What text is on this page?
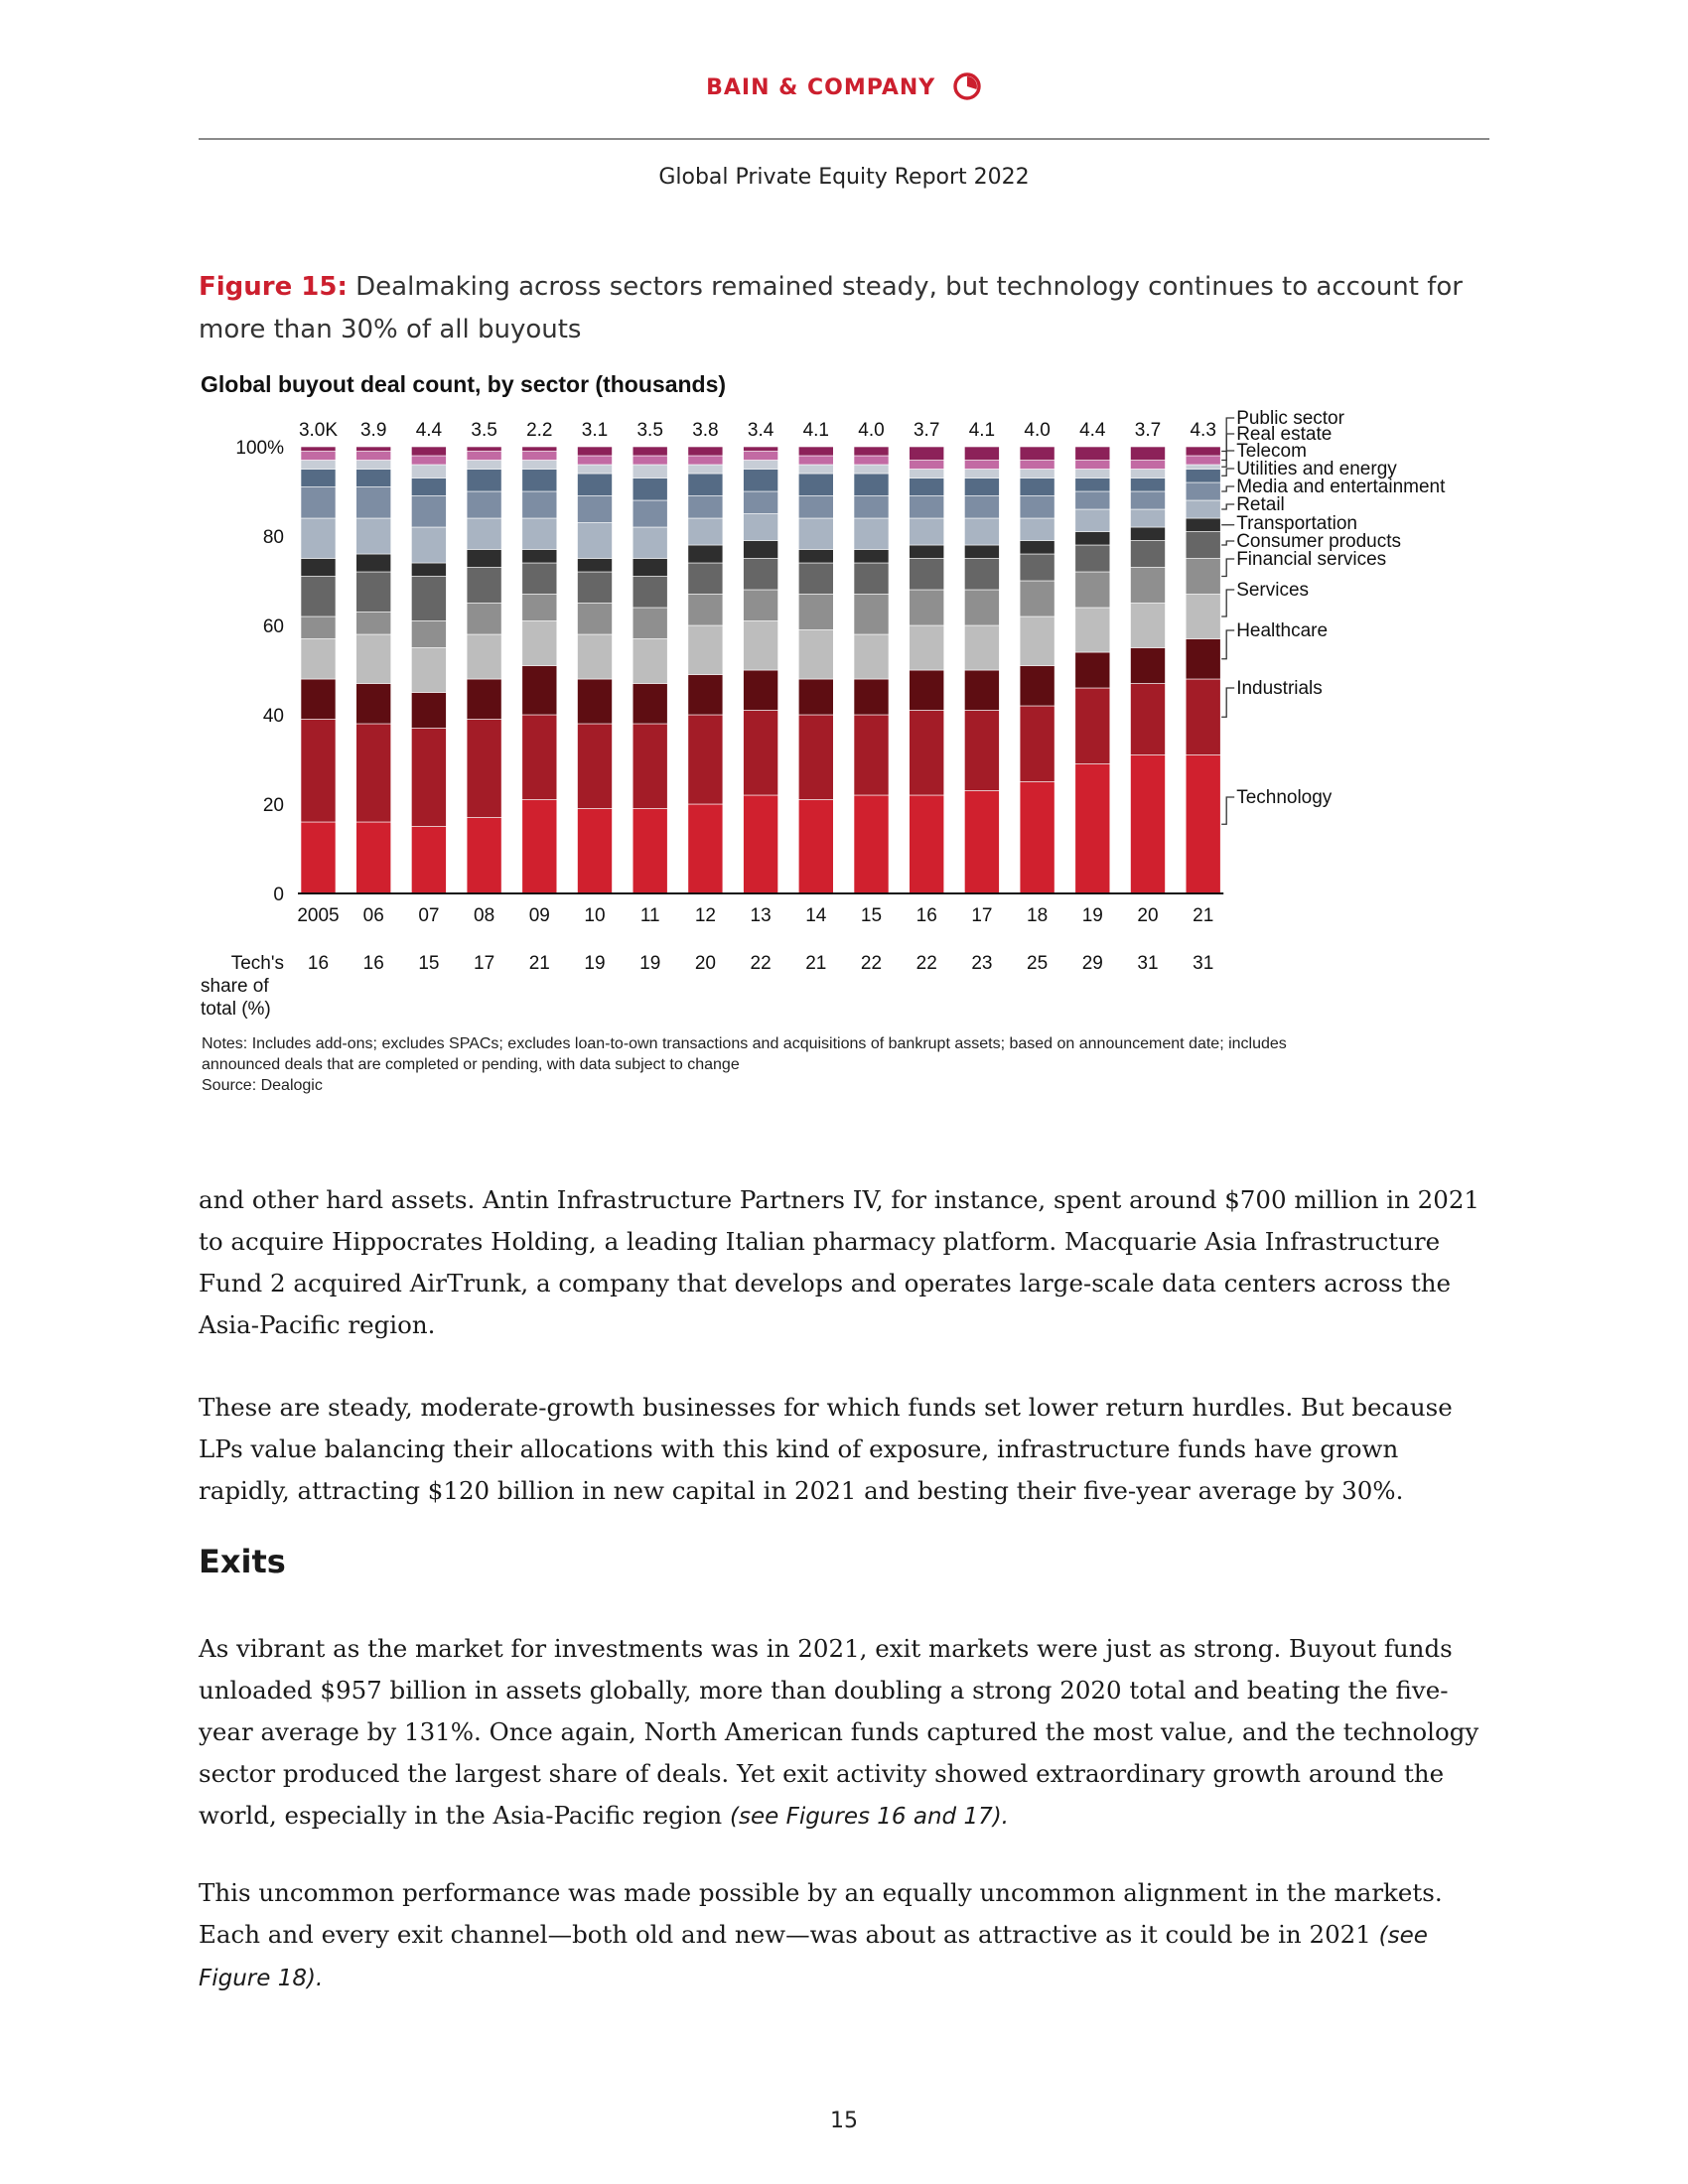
BAIN & COMPANY
Global Private Equity Report 2022
Figure 15: Dealmaking across sectors remained steady, but technology continues to account for more than 30% of all buyouts
Global buyout deal count, by sector (thousands)
0
20
40
60
80
100%
3.0K
2005
16
3.9
06
16
4.4
07
15
3.5
08
17
2.2
09
21
3.1
10
19
3.5
11
19
3.8
12
20
3.4
13
22
4.1
14
21
4.0
15
22
3.7
16
22
4.1
17
23
4.0
18
25
4.4
19
29
3.7
20
31
4.3
21
31
Tech's
share of
total (%)
Technology
Industrials
Healthcare
Services
Financial services
Consumer products
Transportation
Retail
Media and entertainment
Utilities and energy
Telecom
Real estate
Public sector
Notes: Includes add-ons; excludes SPACs; excludes loan-to-own transactions and acquisitions of bankrupt assets; based on announcement date; includes
announced deals that are completed or pending, with data subject to change
Source: Dealogic

and other hard assets. Antin Infrastructure Partners IV, for instance, spent around $700 million in 2021 to acquire Hippocrates Holding, a leading Italian pharmacy platform. Macquarie Asia Infrastructure Fund 2 acquired AirTrunk, a company that develops and operates large-scale data centers across the Asia-Pacific region.

These are steady, moderate-growth businesses for which funds set lower return hurdles. But because LPs value balancing their allocations with this kind of exposure, infrastructure funds have grown rapidly, attracting $120 billion in new capital in 2021 and besting their five-year average by 30%.

Exits

As vibrant as the market for investments was in 2021, exit markets were just as strong. Buyout funds unloaded $957 billion in assets globally, more than doubling a strong 2020 total and beating the five-year average by 131%. Once again, North American funds captured the most value, and the technology sector produced the largest share of deals. Yet exit activity showed extraordinary growth around the world, especially in the Asia-Pacific region (see Figures 16 and 17).

This uncommon performance was made possible by an equally uncommon alignment in the markets. Each and every exit channel—both old and new—was about as attractive as it could be in 2021 (see Figure 18).

15
